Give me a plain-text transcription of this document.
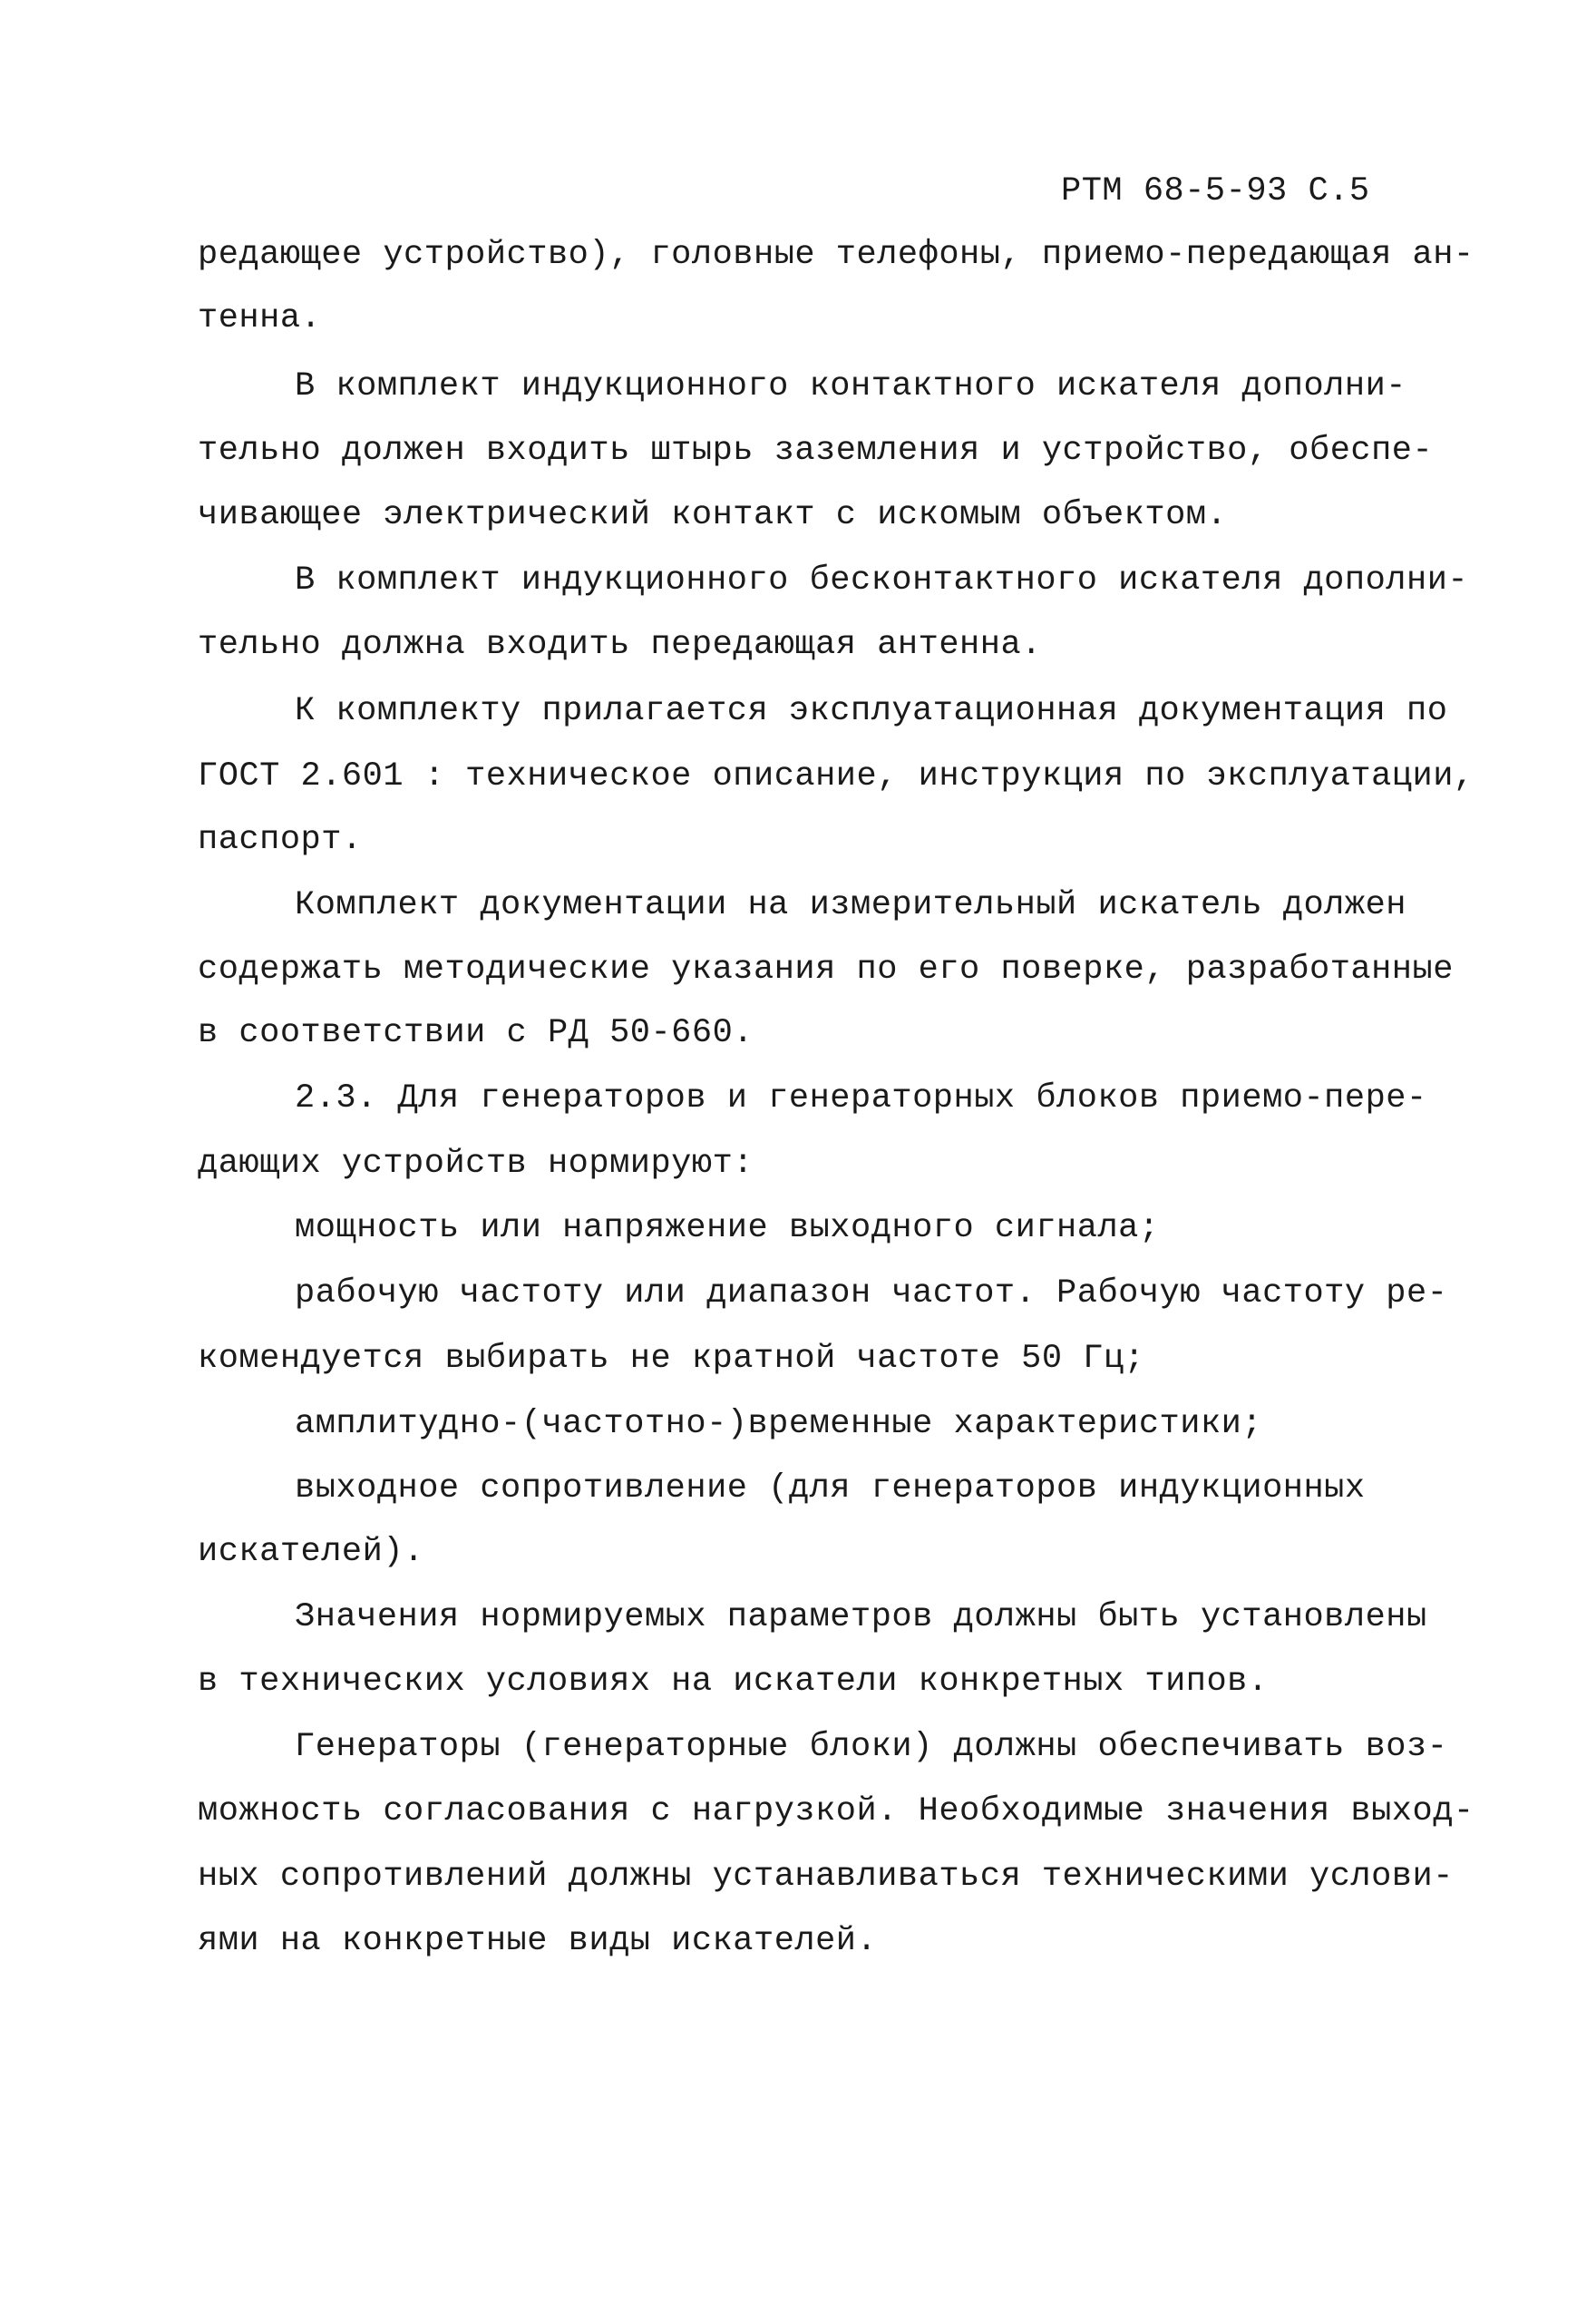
РТМ 68-5-93 С.5
редающее устройство), головные телефоны, приемо-передающая ан-
тенна.
В комплект индукционного контактного искателя дополни-
тельно должен входить штырь заземления и устройство, обеспе-
чивающее электрический контакт с искомым объектом.
В комплект индукционного бесконтактного искателя дополни-
тельно должна входить передающая антенна.
К комплекту прилагается эксплуатационная документация по
ГОСТ 2.601 : техническое описание, инструкция по эксплуатации,
паспорт.
Комплект документации на измерительный искатель должен
содержать методические указания по его поверке, разработанные
в соответствии с РД 50-660.
2.3. Для генераторов и генераторных блоков приемо-пере-
дающих устройств нормируют:
мощность или напряжение выходного сигнала;
рабочую частоту или диапазон частот. Рабочую частоту ре-
комендуется выбирать не кратной частоте 50 Гц;
амплитудно-(частотно-)временные характеристики;
выходное сопротивление (для генераторов индукционных
искателей).
Значения нормируемых параметров должны быть установлены
в технических условиях на искатели конкретных типов.
Генераторы (генераторные блоки) должны обеспечивать воз-
можность согласования с нагрузкой. Необходимые значения выход-
ных сопротивлений должны устанавливаться техническими услови-
ями на конкретные виды искателей.
